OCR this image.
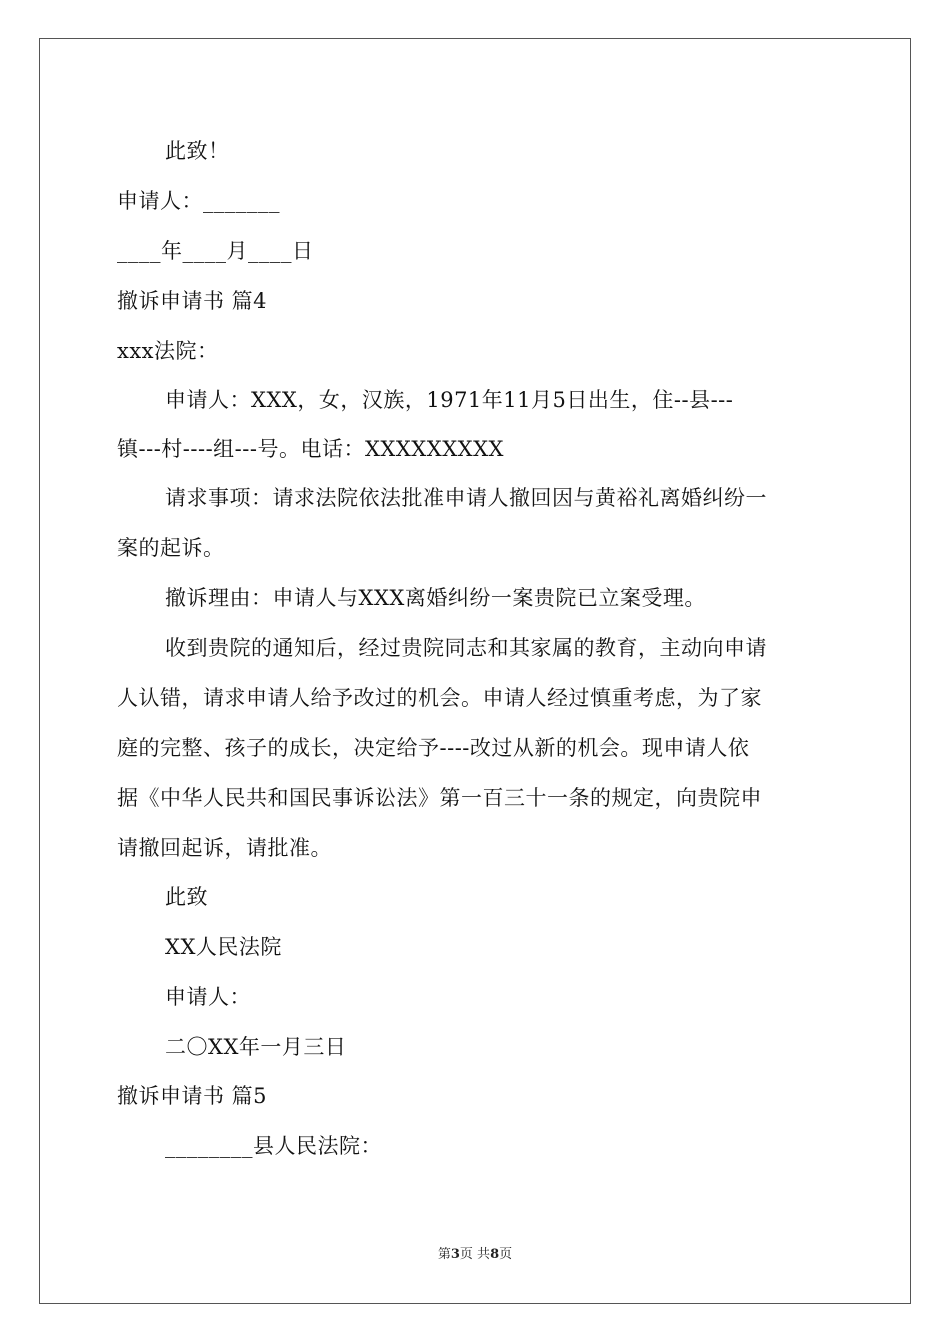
此致！
申请人：_______
____年____月____日
撤诉申请书 篇4
xxx法院：
申请人：XXX，女，汉族，1971年11月5日出生，住--县---
镇---村----组---号。电话：XXXXXXXXX
请求事项：请求法院依法批准申请人撤回因与黄裕礼离婚纠纷一
案的起诉。
撤诉理由：申请人与XXX离婚纠纷一案贵院已立案受理。
收到贵院的通知后，经过贵院同志和其家属的教育，主动向申请
人认错，请求申请人给予改过的机会。申请人经过慎重考虑，为了家
庭的完整、孩子的成长，决定给予----改过从新的机会。现申请人依
据《中华人民共和国民事诉讼法》第一百三十一条的规定，向贵院申
请撤回起诉，请批准。
此致
XX人民法院
申请人：
二〇XX年一月三日
撤诉申请书 篇5
________县人民法院：
第3页 共8页
